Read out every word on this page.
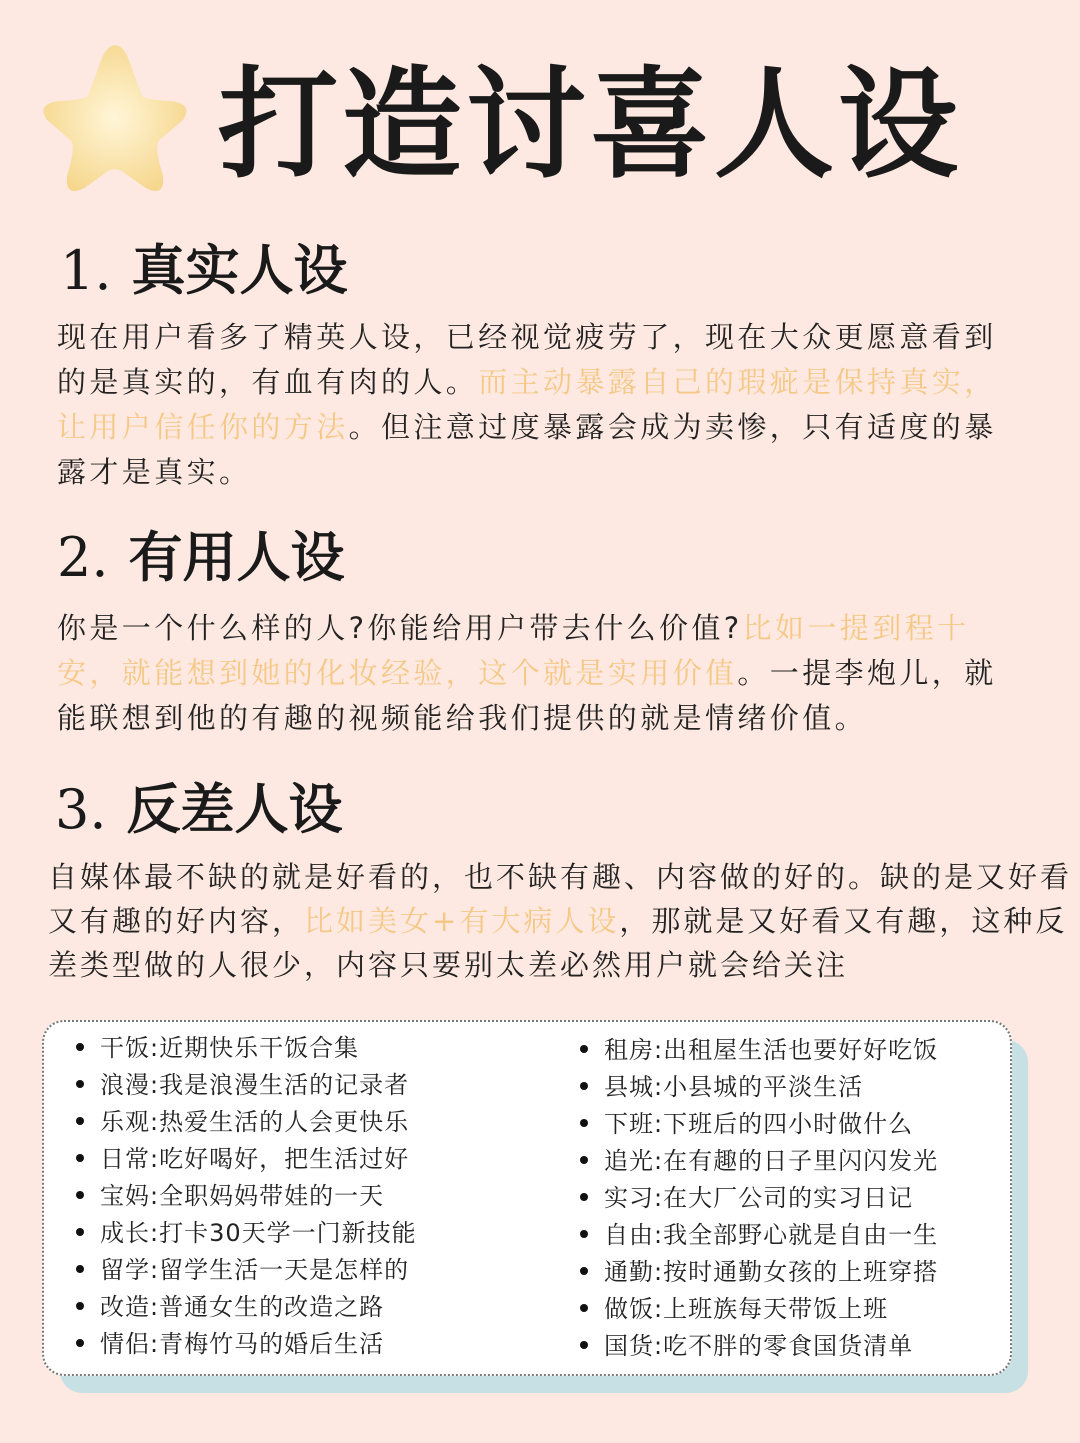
打造讨喜人设
1. 真实人设
现在用户看多了精英人设，已经视觉疲劳了，现在大众更愿意看到的是真实的，有血有肉的人。而主动暴露自己的瑕疵是保持真实，让用户信任你的方法。但注意过度暴露会成为卖惨，只有适度的暴露才是真实。
2. 有用人设
你是一个什么样的人?你能给用户带去什么价值?比如一提到程十安，就能想到她的化妆经验，这个就是实用价值。一提李炮儿，就能联想到他的有趣的视频能给我们提供的就是情绪价值。
3. 反差人设
自媒体最不缺的就是好看的，也不缺有趣、内容做的好的。缺的是又好看又有趣的好内容，比如美女+有大病人设，那就是又好看又有趣，这种反差类型做的人很少，内容只要别太差必然用户就会给关注
干饭:近期快乐干饭合集
浪漫:我是浪漫生活的记录者
乐观:热爱生活的人会更快乐
日常:吃好喝好，把生活过好
宝妈:全职妈妈带娃的一天
成长:打卡30天学一门新技能
留学:留学生活一天是怎样的
改造:普通女生的改造之路
情侣:青梅竹马的婚后生活
租房:出租屋生活也要好好吃饭
县城:小县城的平淡生活
下班:下班后的四小时做什么
追光:在有趣的日子里闪闪发光
实习:在大厂公司的实习日记
自由:我全部野心就是自由一生
通勤:按时通勤女孩的上班穿搭
做饭:上班族每天带饭上班
国货:吃不胖的零食国货清单
